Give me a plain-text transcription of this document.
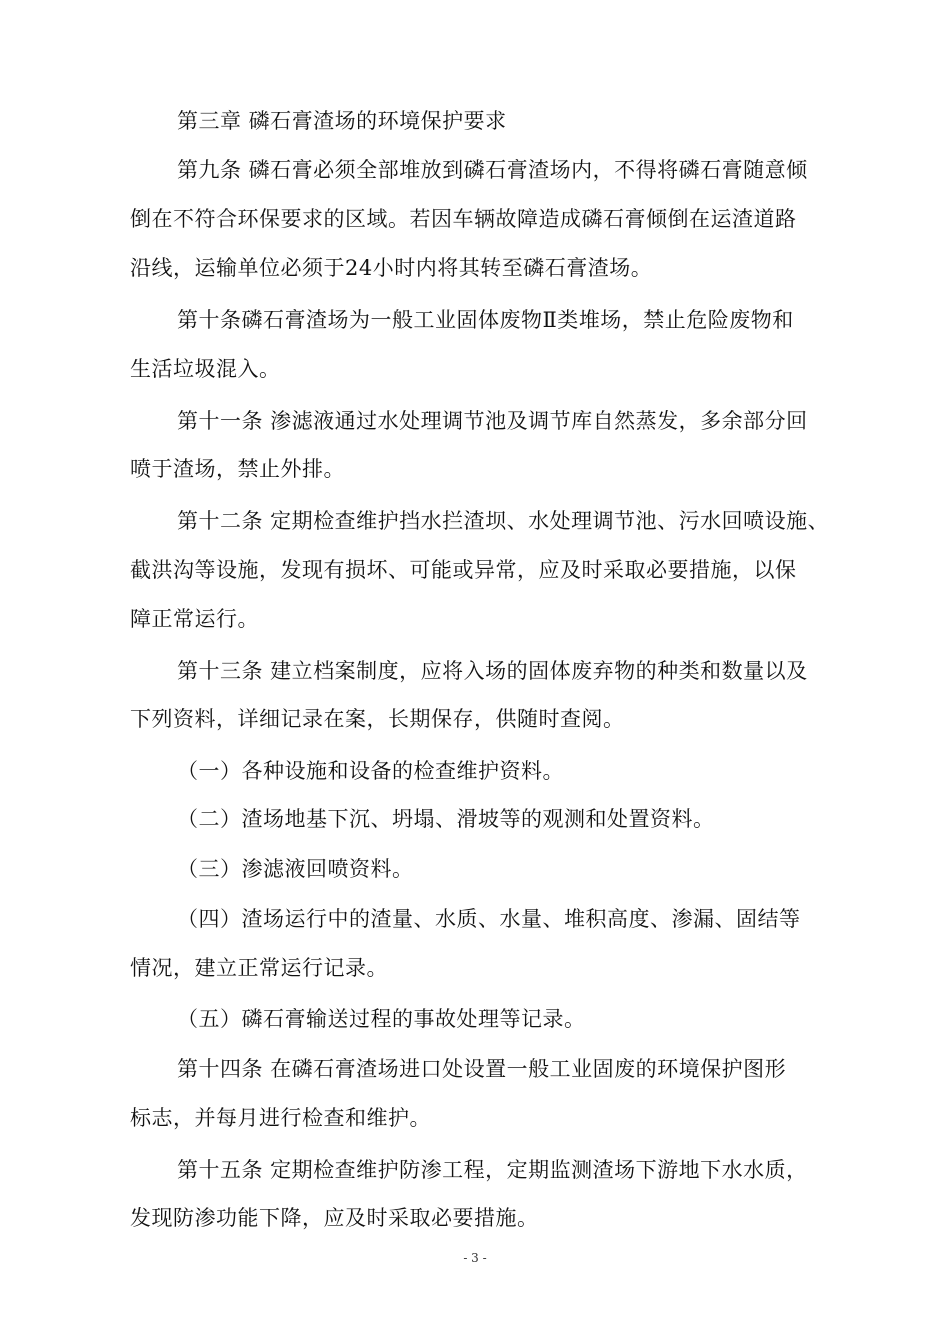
第三章 磷石膏渣场的环境保护要求
第九条 磷石膏必须全部堆放到磷石膏渣场内，不得将磷石膏随意倾
倒在不符合环保要求的区域。若因车辆故障造成磷石膏倾倒在运渣道路
沿线，运输单位必须于24小时内将其转至磷石膏渣场。
第十条磷石膏渣场为一般工业固体废物Ⅱ类堆场，禁止危险废物和
生活垃圾混入。
第十一条 渗滤液通过水处理调节池及调节库自然蒸发，多余部分回
喷于渣场，禁止外排。
第十二条 定期检查维护挡水拦渣坝、水处理调节池、污水回喷设施、
截洪沟等设施，发现有损坏、可能或异常，应及时采取必要措施，以保
障正常运行。
第十三条 建立档案制度，应将入场的固体废弃物的种类和数量以及
下列资料，详细记录在案，长期保存，供随时查阅。
（一）各种设施和设备的检查维护资料。
（二）渣场地基下沉、坍塌、滑坡等的观测和处置资料。
（三）渗滤液回喷资料。
（四）渣场运行中的渣量、水质、水量、堆积高度、渗漏、固结等
情况，建立正常运行记录。
（五）磷石膏输送过程的事故处理等记录。
第十四条 在磷石膏渣场进口处设置一般工业固废的环境保护图形
标志，并每月进行检查和维护。
第十五条 定期检查维护防渗工程，定期监测渣场下游地下水水质，
发现防渗功能下降，应及时采取必要措施。
- 3 -
